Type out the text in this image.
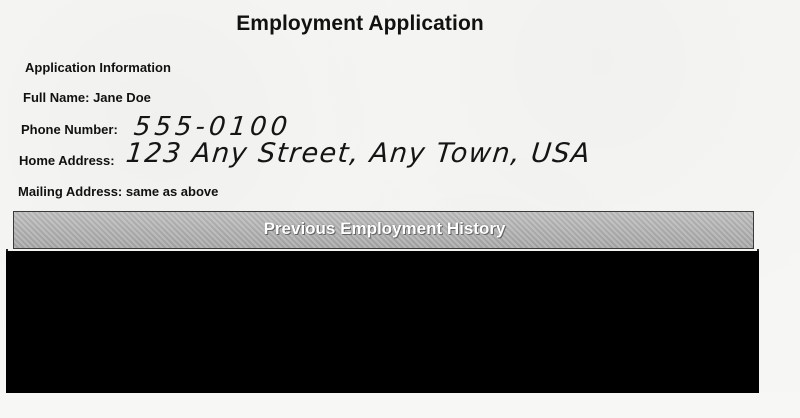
Employment Application
Application Information
Full Name: Jane Doe
Phone Number: 555-0100
Home Address: 123 Any Street, Any Town, USA
Mailing Address: same as above
Previous Employment History
